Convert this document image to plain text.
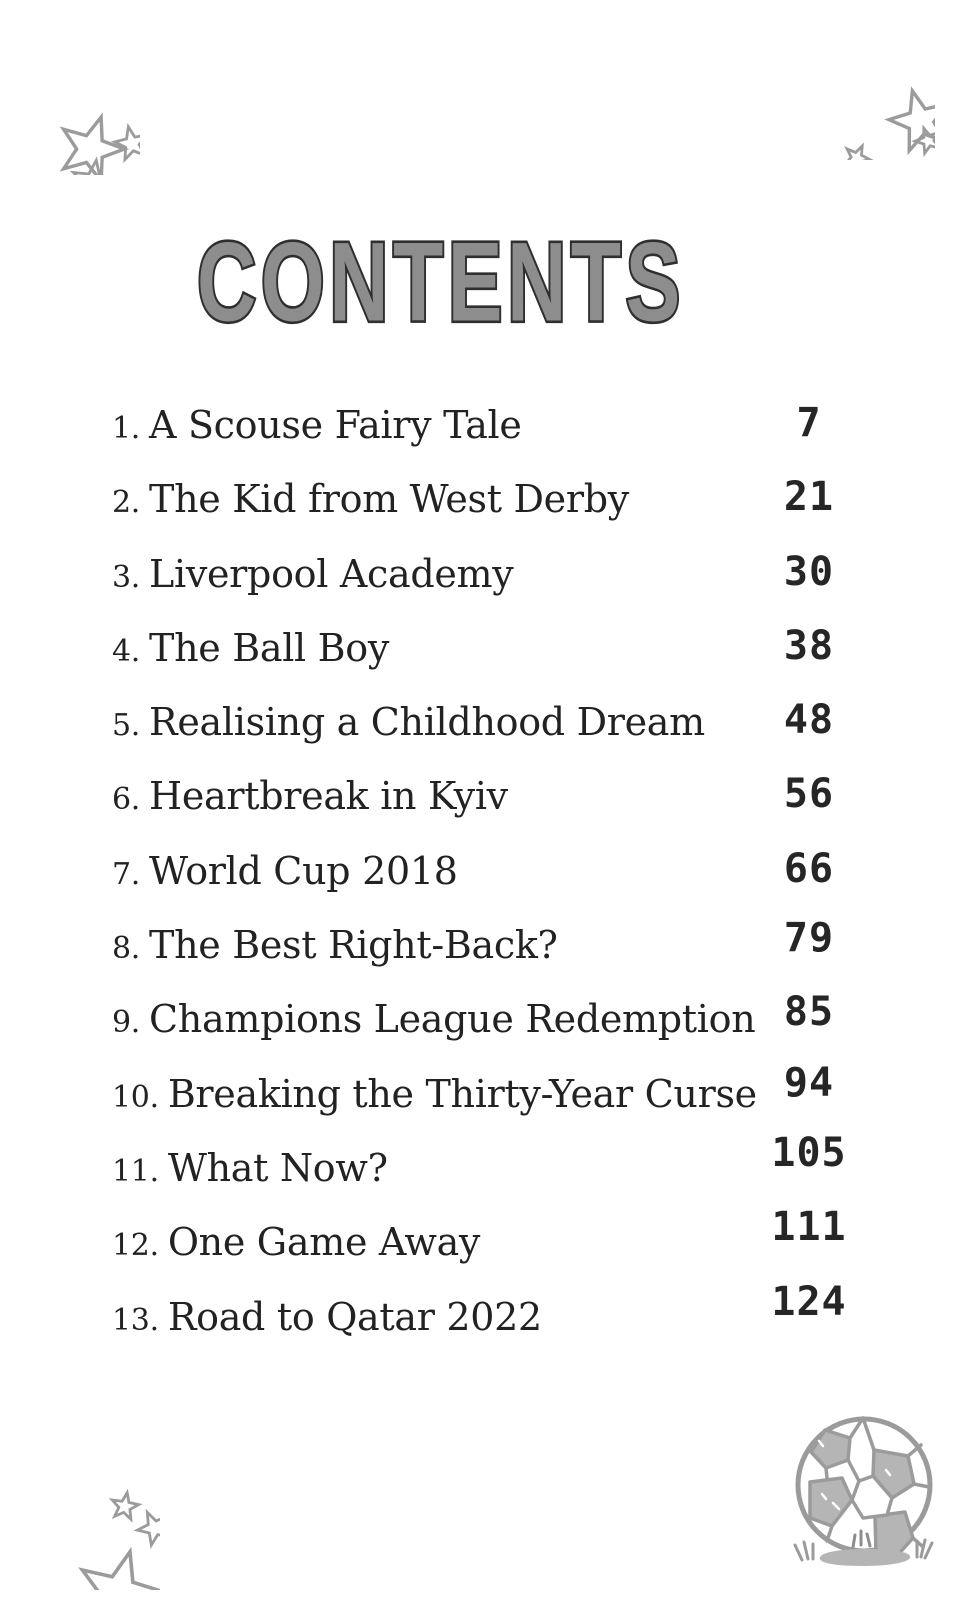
CONTENTS
1. A Scouse Fairy Tale	7
2. The Kid from West Derby	21
3. Liverpool Academy	30
4. The Ball Boy	38
5. Realising a Childhood Dream	48
6. Heartbreak in Kyiv	56
7. World Cup 2018	66
8. The Best Right-Back?	79
9. Champions League Redemption 85
10. Breaking the Thirty-Year Curse 94
11. What Now?	105
12. One Game Away	111
13. Road to Qatar 2022	124
